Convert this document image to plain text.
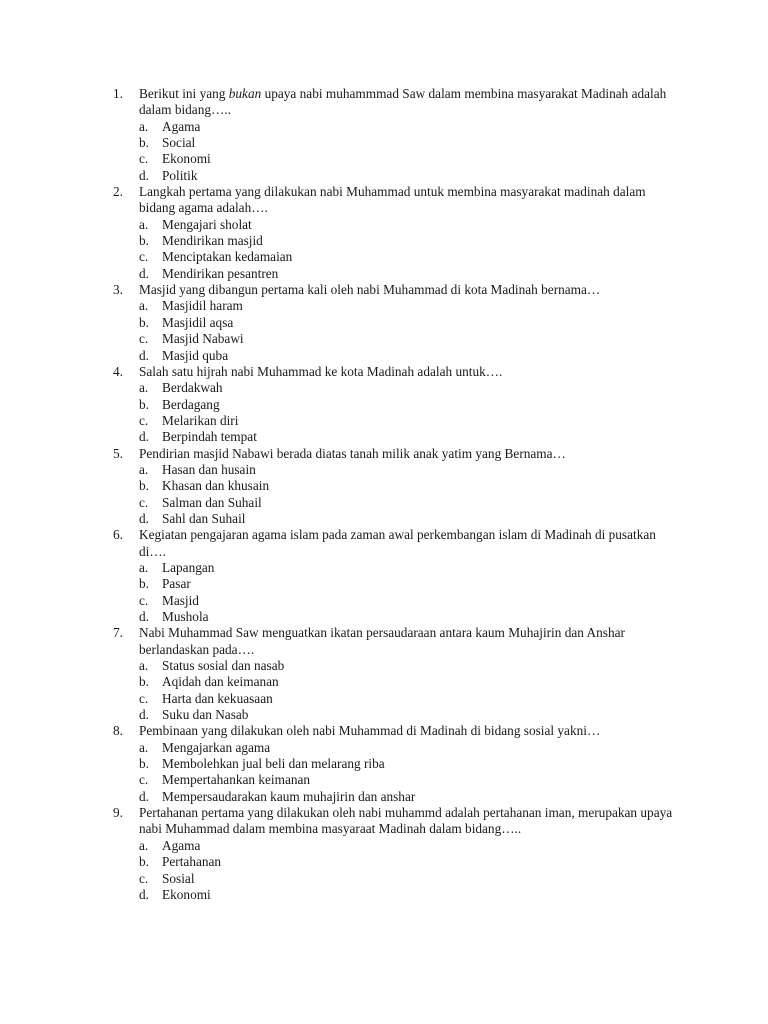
1.	Berikut ini yang bukan upaya nabi muhammmad Saw dalam membina masyarakat Madinah adalah dalam bidang…..
a.	Agama
b. Social
c.	Ekonomi
d. Politik
2.	Langkah pertama yang dilakukan nabi Muhammad untuk membina masyarakat madinah dalam bidang agama adalah….
a.	Mengajari sholat
b. Mendirikan masjid
c.	Menciptakan kedamaian
d. Mendirikan pesantren
3.	Masjid yang dibangun pertama kali oleh nabi Muhammad di kota Madinah bernama…
a.	Masjidil haram
b. Masjidil aqsa
c.	Masjid Nabawi
d. Masjid quba
4.	Salah satu hijrah nabi Muhammad ke kota Madinah adalah untuk….
a.	Berdakwah
b. Berdagang
c.	Melarikan diri
d. Berpindah tempat
5.	Pendirian masjid Nabawi berada diatas tanah milik anak yatim yang Bernama…
a.	Hasan dan husain
b. Khasan dan khusain
c.	Salman dan Suhail
d. Sahl dan Suhail
6.	Kegiatan pengajaran agama islam pada zaman awal perkembangan islam di Madinah di pusatkan di….
a.	Lapangan
b. Pasar
c.	Masjid
d. Mushola
7.	Nabi Muhammad Saw menguatkan ikatan persaudaraan antara kaum Muhajirin dan Anshar berlandaskan pada….
a.	Status sosial dan nasab
b. Aqidah dan keimanan
c.	Harta dan kekuasaan
d. Suku dan Nasab
8.	Pembinaan yang dilakukan oleh nabi Muhammad di Madinah di bidang sosial yakni…
a.	Mengajarkan agama
b. Membolehkan jual beli dan melarang riba
c.	Mempertahankan keimanan
d. Mempersaudarakan kaum muhajirin dan anshar
9.	Pertahanan pertama yang dilakukan oleh nabi muhammd adalah pertahanan iman, merupakan upaya nabi Muhammad dalam membina masyaraat Madinah dalam bidang…..
a.	Agama
b. Pertahanan
c.	Sosial
d. Ekonomi
